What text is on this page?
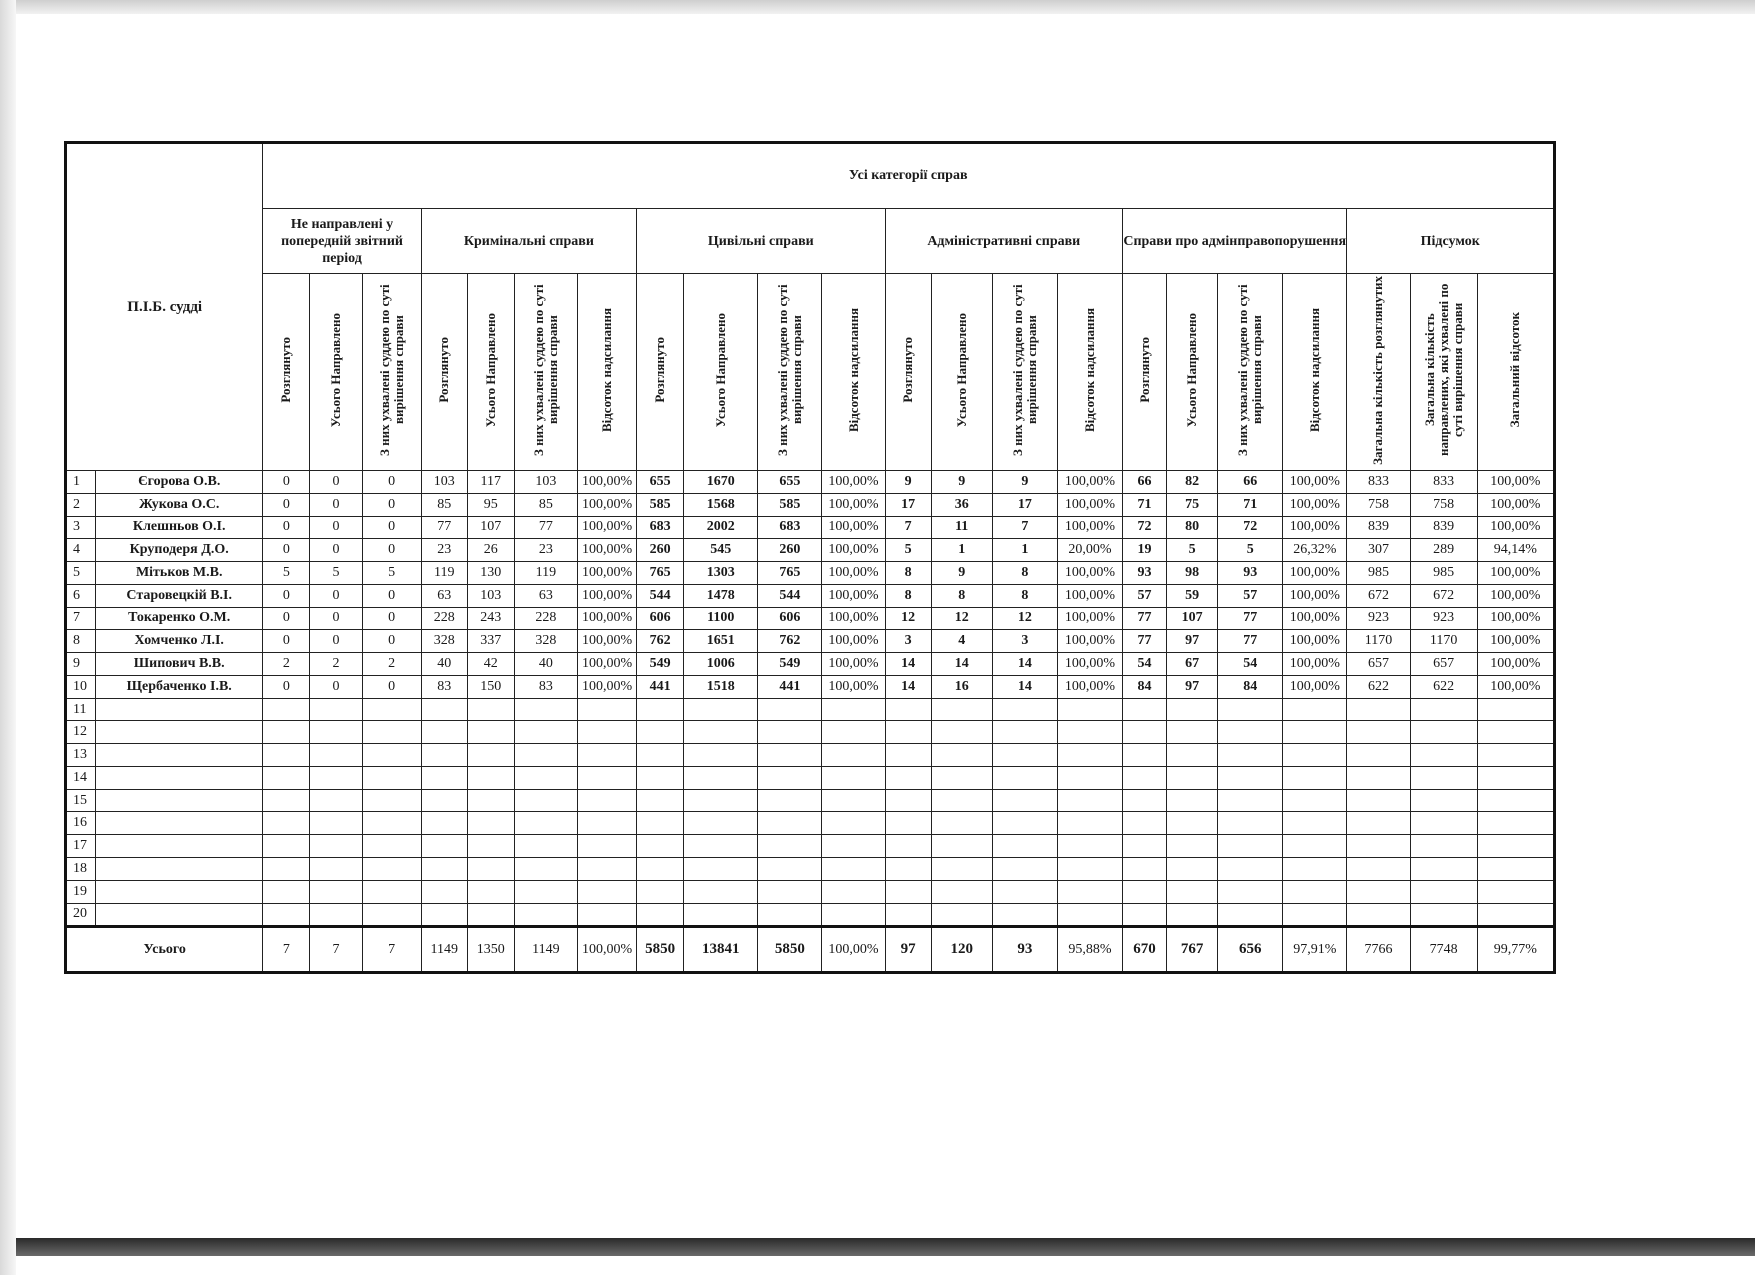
П.І.Б. судді		Усі категорії справ																					
		Не направлені у попередній звітний період			Кримінальні справи				Цивільні справи				Адміністративні справи				Справи про адмінправопорушення				Підсумок		
		Розглянуто	Усього Направлено	З них ухвалені суддею по суті вирішення справи	Розглянуто	Усього Направлено	З них ухвалені суддею по суті вирішення справи	Відсоток надсилання	Розглянуто	Усього Направлено	З них ухвалені суддею по суті вирішення справи	Відсоток надсилання	Розглянуто	Усього Направлено	З них ухвалені суддею по суті вирішення справи	Відсоток надсилання	Розглянуто	Усього Направлено	З них ухвалені суддею по суті вирішення справи	Відсоток надсилання	Загальна кількість розглянутих	Загальна кількість направлених, які ухвалені по суті вирішення справи	Загальний відсоток
1	Єгорова О.В.	0	0	0	103	117	103	100,00%	655	1670	655	100,00%	9	9	9	100,00%	66	82	66	100,00%	833	833	100,00%
2	Жукова О.С.	0	0	0	85	95	85	100,00%	585	1568	585	100,00%	17	36	17	100,00%	71	75	71	100,00%	758	758	100,00%
3	Клешньов О.І.	0	0	0	77	107	77	100,00%	683	2002	683	100,00%	7	11	7	100,00%	72	80	72	100,00%	839	839	100,00%
4	Круподеря Д.О.	0	0	0	23	26	23	100,00%	260	545	260	100,00%	5	1	1	20,00%	19	5	5	26,32%	307	289	94,14%
5	Мітьков М.В.	5	5	5	119	130	119	100,00%	765	1303	765	100,00%	8	9	8	100,00%	93	98	93	100,00%	985	985	100,00%
6	Старовецкій В.І.	0	0	0	63	103	63	100,00%	544	1478	544	100,00%	8	8	8	100,00%	57	59	57	100,00%	672	672	100,00%
7	Токаренко О.М.	0	0	0	228	243	228	100,00%	606	1100	606	100,00%	12	12	12	100,00%	77	107	77	100,00%	923	923	100,00%
8	Хомченко Л.І.	0	0	0	328	337	328	100,00%	762	1651	762	100,00%	3	4	3	100,00%	77	97	77	100,00%	1170	1170	100,00%
9	Шипович В.В.	2	2	2	40	42	40	100,00%	549	1006	549	100,00%	14	14	14	100,00%	54	67	54	100,00%	657	657	100,00%
10	Щербаченко І.В.	0	0	0	83	150	83	100,00%	441	1518	441	100,00%	14	16	14	100,00%	84	97	84	100,00%	622	622	100,00%
11																							
12																							
13																							
14																							
15																							
16																							
17																							
18																							
19																							
20																							
Усього		7	7	7	1149	1350	1149	100,00%	5850	13841	5850	100,00%	97	120	93	95,88%	670	767	656	97,91%	7766	7748	99,77%
